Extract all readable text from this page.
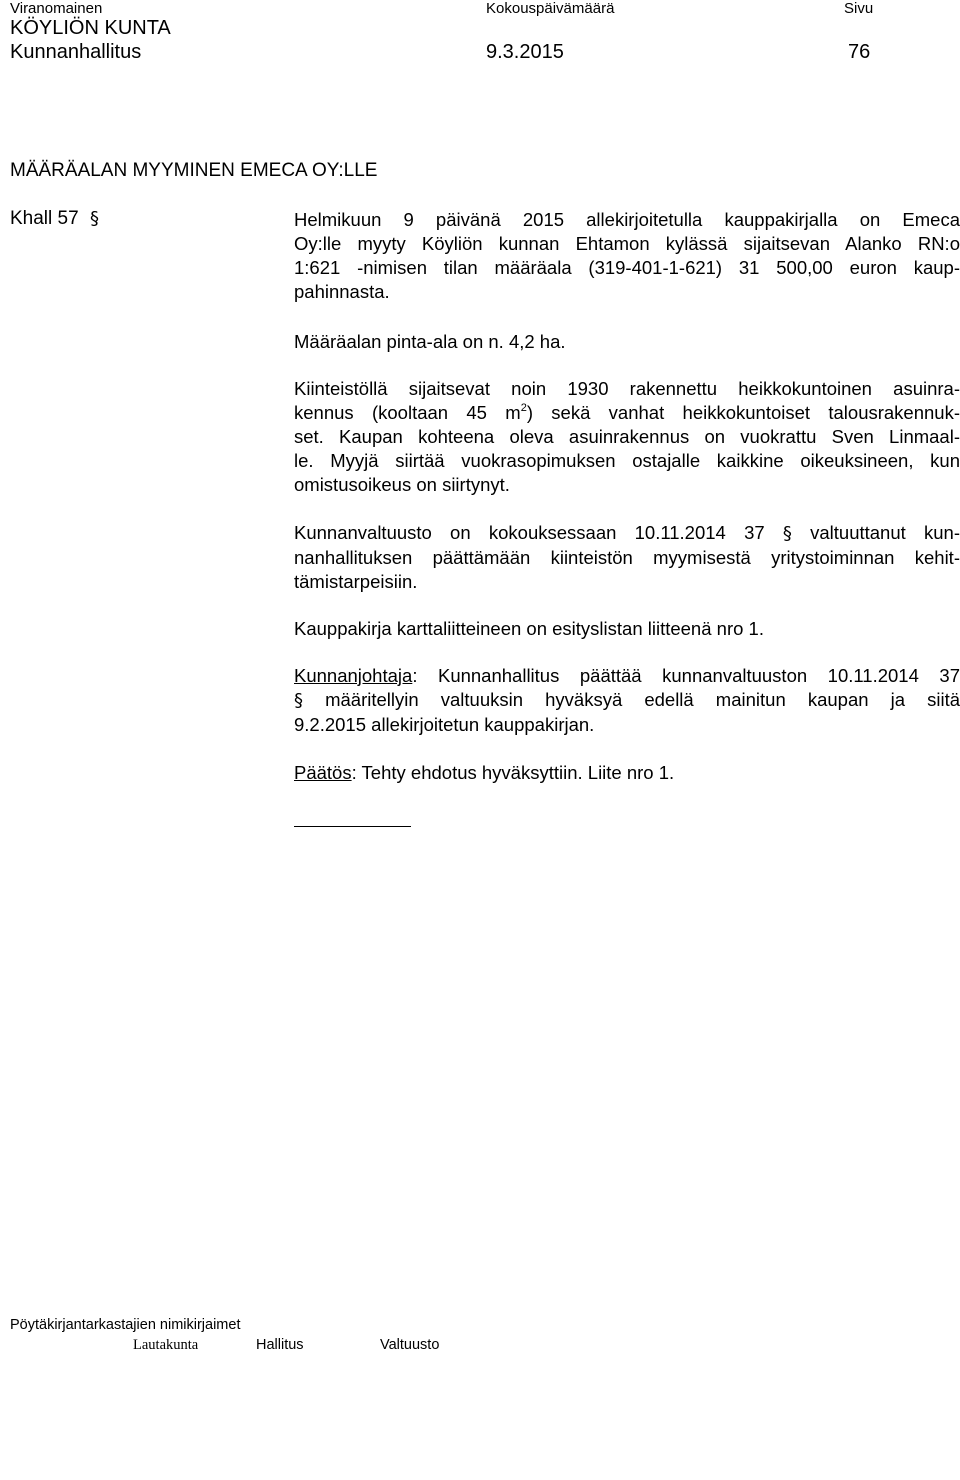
Viranomainen	Kokouspäivämäärä	Sivu
KÖYLIÖN KUNTA
Kunnanhallitus	9.3.2015	76
MÄÄRÄALAN MYYMINEN EMECA OY:LLE
Khall 57 §	Helmikuun 9 päivänä 2015 allekirjoitetulla kauppakirjalla on Emeca
Oy:lle myyty Köyliön kunnan Ehtamon kylässä sijaitsevan Alanko RN:o
1:621 -nimisen tilan määräala (319-401-1-621) 31 500,00 euron kaup-
pahinnasta.
Määräalan pinta-ala on n. 4,2 ha.
Kiinteistöllä sijaitsevat noin 1930 rakennettu heikkokuntoinen asuinra-
kennus (kooltaan 45 $m^2$) sekä vanhat heikkokuntoiset talousrakennuk-
set. Kaupan kohteena oleva asuinrakennus on vuokrattu Sven Linmaal-
le. Myyjä siirtää vuokrasopimuksen ostajalle kaikkine oikeuksineen, kun
omistusoikeus on siirtynyt.
Kunnanvaltuusto on kokouksessaan 10.11.2014 37 § valtuuttanut kun-
nanhallituksen päättämään kiinteistön myymisestä yritystoiminnan kehit-
tämistarpeisiin.
Kauppakirja karttaliitteineen on esityslistan liitteenä nro 1.
Kunnanjohtaja: Kunnanhallitus päättää kunnanvaltuuston 10.11.2014 37
§ määritellyin valtuuksin hyväksyä edellä mainitun kaupan ja siitä
9.2.2015 allekirjoitetun kauppakirjan.
Päätös: Tehty ehdotus hyväksyttiin. Liite nro 1.
Pöytäkirjantarkastajien nimikirjaimet
Lautakunta	Hallitus	Valtuusto
